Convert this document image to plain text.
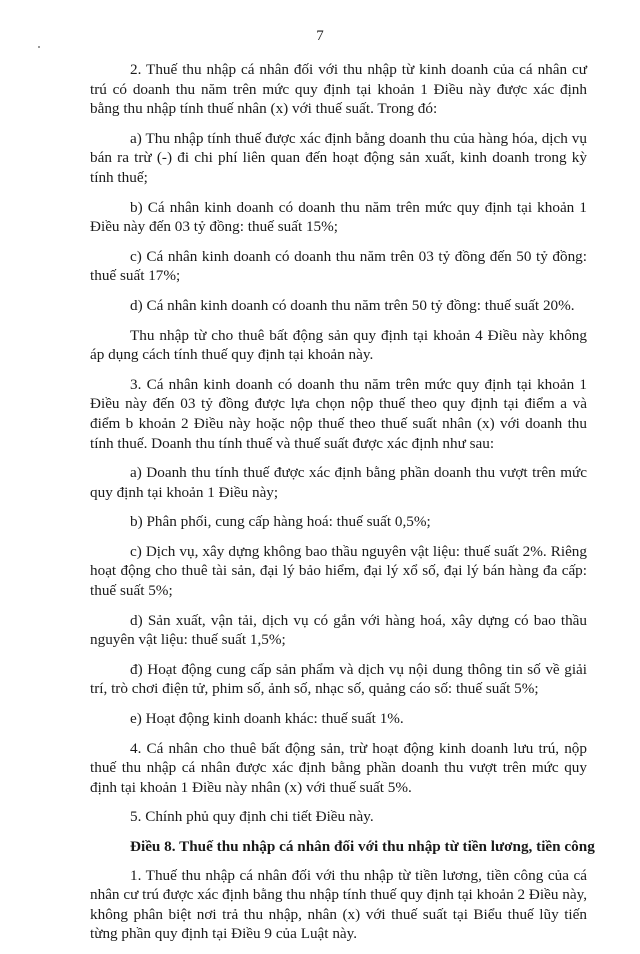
7

2. Thuế thu nhập cá nhân đối với thu nhập từ kinh doanh của cá nhân cư trú có doanh thu năm trên mức quy định tại khoản 1 Điều này được xác định bằng thu nhập tính thuế nhân (x) với thuế suất. Trong đó:

a) Thu nhập tính thuế được xác định bằng doanh thu của hàng hóa, dịch vụ bán ra trừ (-) đi chi phí liên quan đến hoạt động sản xuất, kinh doanh trong kỳ tính thuế;

b) Cá nhân kinh doanh có doanh thu năm trên mức quy định tại khoản 1 Điều này đến 03 tỷ đồng: thuế suất 15%;

c) Cá nhân kinh doanh có doanh thu năm trên 03 tỷ đồng đến 50 tỷ đồng: thuế suất 17%;

d) Cá nhân kinh doanh có doanh thu năm trên 50 tỷ đồng: thuế suất 20%.

Thu nhập từ cho thuê bất động sản quy định tại khoản 4 Điều này không áp dụng cách tính thuế quy định tại khoản này.

3. Cá nhân kinh doanh có doanh thu năm trên mức quy định tại khoản 1 Điều này đến 03 tỷ đồng được lựa chọn nộp thuế theo quy định tại điểm a và điểm b khoản 2 Điều này hoặc nộp thuế theo thuế suất nhân (x) với doanh thu tính thuế. Doanh thu tính thuế và thuế suất được xác định như sau:

a) Doanh thu tính thuế được xác định bằng phần doanh thu vượt trên mức quy định tại khoản 1 Điều này;

b) Phân phối, cung cấp hàng hoá: thuế suất 0,5%;

c) Dịch vụ, xây dựng không bao thầu nguyên vật liệu: thuế suất 2%. Riêng hoạt động cho thuê tài sản, đại lý bảo hiểm, đại lý xổ số, đại lý bán hàng đa cấp: thuế suất 5%;

d) Sản xuất, vận tải, dịch vụ có gắn với hàng hoá, xây dựng có bao thầu nguyên vật liệu: thuế suất 1,5%;

đ) Hoạt động cung cấp sản phẩm và dịch vụ nội dung thông tin số về giải trí, trò chơi điện tử, phim số, ảnh số, nhạc số, quảng cáo số: thuế suất 5%;

e) Hoạt động kinh doanh khác: thuế suất 1%.

4. Cá nhân cho thuê bất động sản, trừ hoạt động kinh doanh lưu trú, nộp thuế thu nhập cá nhân được xác định bằng phần doanh thu vượt trên mức quy định tại khoản 1 Điều này nhân (x) với thuế suất 5%.

5. Chính phủ quy định chi tiết Điều này.

Điều 8. Thuế thu nhập cá nhân đối với thu nhập từ tiền lương, tiền công

1. Thuế thu nhập cá nhân đối với thu nhập từ tiền lương, tiền công của cá nhân cư trú được xác định bằng thu nhập tính thuế quy định tại khoản 2 Điều này, không phân biệt nơi trả thu nhập, nhân (x) với thuế suất tại Biểu thuế lũy tiến từng phần quy định tại Điều 9 của Luật này.
